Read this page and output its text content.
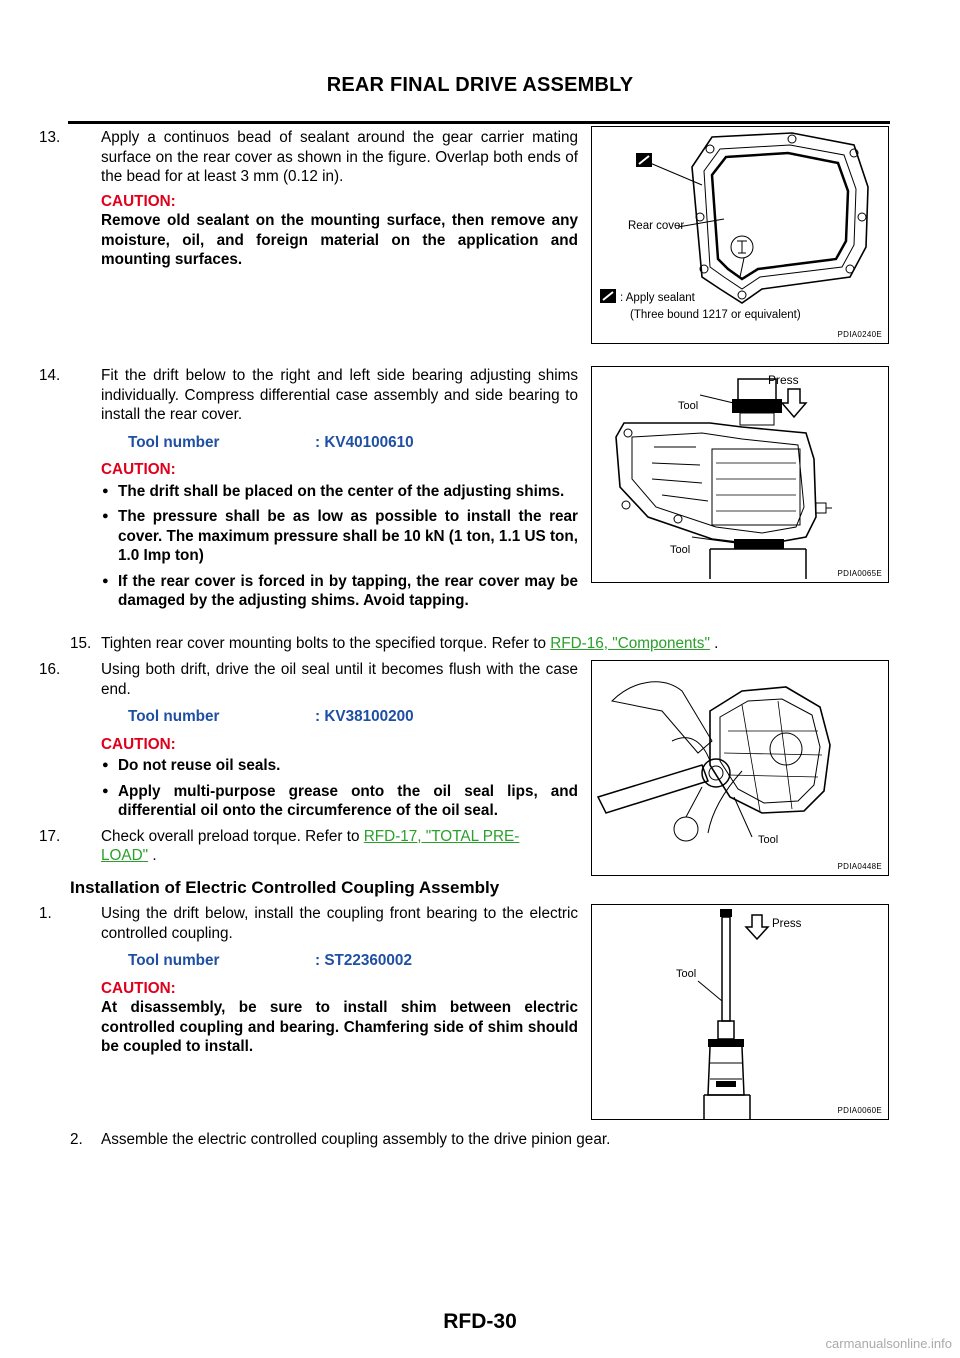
REAR FINAL DRIVE ASSEMBLY
13.	Apply a continuos bead of sealant around the gear carrier mating surface on the rear cover as shown in the figure. Overlap both ends of the bead for at least 3 mm (0.12 in).
CAUTION:
Remove old sealant on the mounting surface, then remove any moisture, oil, and foreign material on the application and mounting surfaces.
Rear cover
: Apply sealant
(Three bound 1217 or equivalent)
PDIA0240E
14.	Fit the drift below to the right and left side bearing adjusting shims individually. Compress differential case assembly and side bearing to install the rear cover.
Tool number	: KV40100610
CAUTION:
● The drift shall be placed on the center of the adjusting shims.
● The pressure shall be as low as possible to install the rear cover. The maximum pressure shall be 10 kN (1 ton, 1.1 US ton, 1.0 Imp ton)
● If the rear cover is forced in by tapping, the rear cover may be damaged by the adjusting shims. Avoid tapping.
Press
Tool
Tool
PDIA0065E
15. Tighten rear cover mounting bolts to the specified torque. Refer to RFD-16, "Components" .
16.	Using both drift, drive the oil seal until it becomes flush with the case end.
Tool number	: KV38100200
CAUTION:
● Do not reuse oil seals.
● Apply multi-purpose grease onto the oil seal lips, and differential oil onto the circumference of the oil seal.
17.	Check overall preload torque. Refer to RFD-17, "TOTAL PRE-
LOAD" .
Tool
PDIA0448E
Installation of Electric Controlled Coupling Assembly
1.	Using the drift below, install the coupling front bearing to the electric controlled coupling.
Tool number	: ST22360002
CAUTION:
At disassembly, be sure to install shim between electric controlled coupling and bearing. Chamfering side of shim should be coupled to install.
Press
Tool
PDIA0060E
2. Assemble the electric controlled coupling assembly to the drive pinion gear.
RFD-30
carmanualsonline.info
